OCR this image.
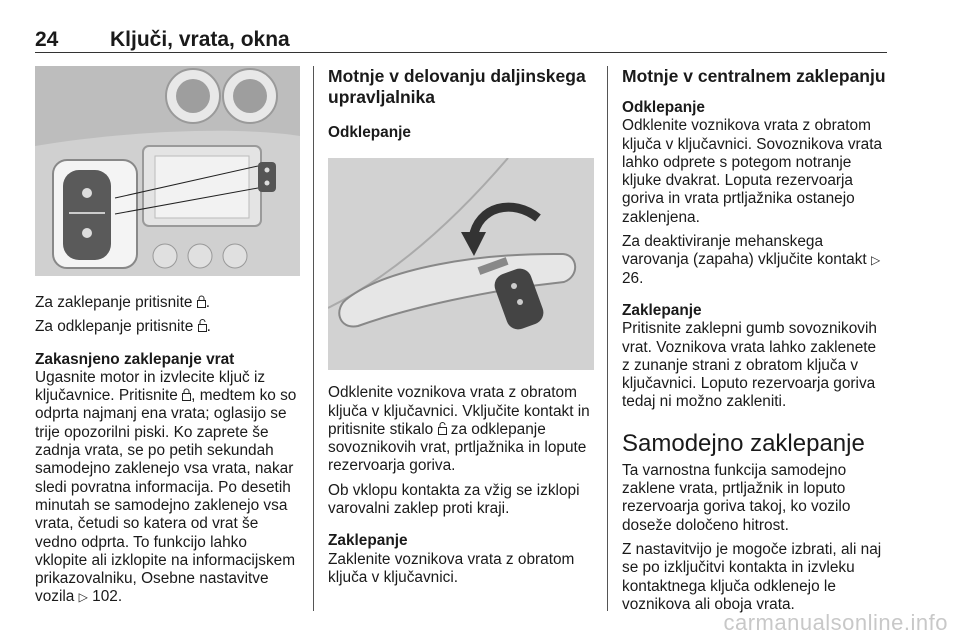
24 Ključi, vrata, okna

Za zaklepanje pritisnite .

Za odklepanje pritisnite .

Zakasnjeno zaklepanje vrat

Ugasnite motor in izvlecite ključ iz ključavnice. Pritisnite , medtem ko so odprta najmanj ena vrata; oglasijo se trije opozorilni piski. Ko zaprete še zadnja vrata, se po petih sekundah samodejno zaklenejo vsa vrata, nakar sledi povratna informacija. Po desetih minutah se samodejno zaklenejo vsa vrata, četudi so katera od vrat še vedno odprta. To funkcijo lahko vklopite ali izklopite na informacijskem prikazovalniku, Osebne nastavitve vozila ▷ 102.

Motnje v delovanju daljinskega upravljalnika

Odklepanje

Odklenite voznikova vrata z obratom ključa v ključavnici. Vključite kontakt in pritisnite stikalo za odklepanje sovoznikovih vrat, prtljažnika in lopute rezervoarja goriva.

Ob vklopu kontakta za vžig se izklopi varovalni zaklep proti kraji.

Zaklepanje

Zaklenite voznikova vrata z obratom ključa v ključavnici.

Motnje v centralnem zaklepanju

Odklepanje

Odklenite voznikova vrata z obratom ključa v ključavnici. Sovoznikova vrata lahko odprete s potegom notranje kljuke dvakrat. Loputa rezervoarja goriva in vrata prtljažnika ostanejo zaklenjena.

Za deaktiviranje mehanskega varovanja (zapaha) vključite kontakt ▷ 26.

Zaklepanje

Pritisnite zaklepni gumb sovoznikovih vrat. Voznikova vrata lahko zaklenete z zunanje strani z obratom ključa v ključavnici. Loputo rezervoarja goriva tedaj ni možno zakleniti.

Samodejno zaklepanje

Ta varnostna funkcija samodejno zaklene vrata, prtljažnik in loputo rezervoarja goriva takoj, ko vozilo doseže določeno hitrost.

Z nastavitvijo je mogoče izbrati, ali naj se po izključitvi kontakta in izvleku kontaktnega ključa odklenejo le voznikova ali oboja vrata.

carmanualsonline.info
